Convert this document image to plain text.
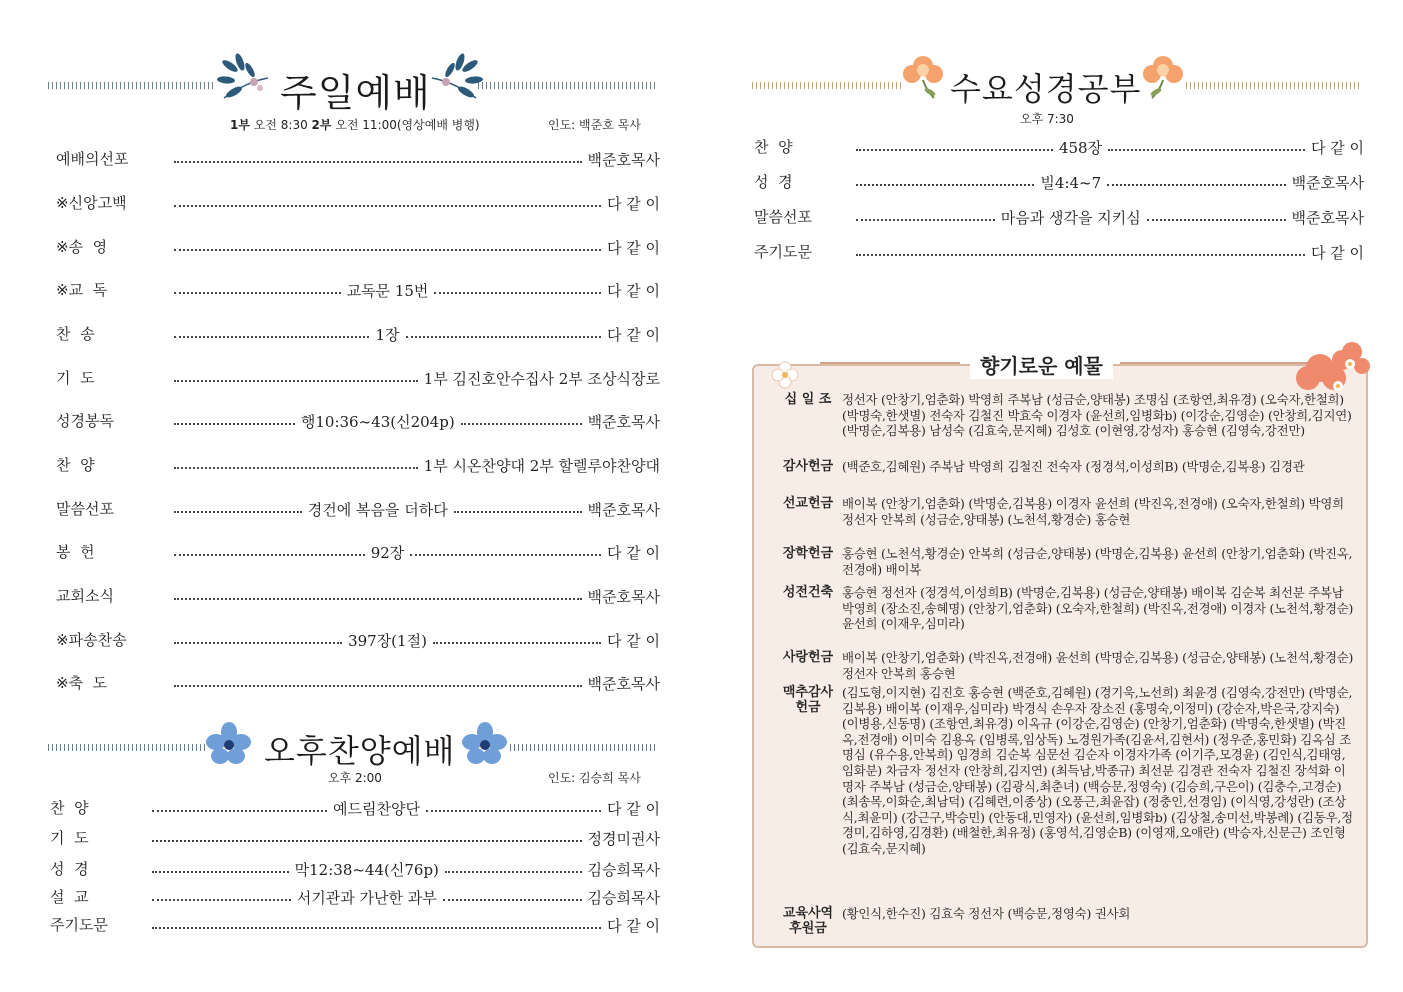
주일예배
1부 오전 8:30 2부 오전 11:00(영상예배 병행)	인도: 백준호 목사
예배의선포	백준호목사
※신앙고백	다 같 이
※송 영	다 같 이
※교 독	교독문 15번	다 같 이
찬 송	1장	다 같 이
기 도	1부 김진호안수집사 2부 조상식장로
성경봉독	행10:36~43(신204p)	백준호목사
찬 양	1부 시온찬양대 2부 할렐루야찬양대
말씀선포	경건에 복음을 더하다	백준호목사
봉 헌	92장	다 같 이
교회소식	백준호목사
※파송찬송	397장(1절)	다 같 이
※축 도	백준호목사
오후찬양예배
오후 2:00	인도: 김승희 목사
찬 양	예드림찬양단	다 같 이
기 도	정경미권사
성 경	막12:38~44(신76p)	김승희목사
설 교	서기관과 가난한 과부	김승희목사
주기도문	다 같 이
수요성경공부
오후 7:30
찬 양	458장	다 같 이
성 경	빌4:4~7	백준호목사
말씀선포	마음과 생각을 지키심	백준호목사
주기도문	다 같 이
향기로운 예물
십 일 조 정선자 (안창기,엄춘화) 박영희 주복남 (성금순,양태봉) 조명심 (조항연,최유경) (오숙자,한철희) (박명숙,한샛별) 전숙자 김철진 박효숙 이경자 (윤선희,임병화b) (이강순,김영순) (안창희,김지연) (박명순,김복용) 남성숙 (김효숙,문지혜) 김성호 (이현영,강성자) 홍승현 (김영숙,강전만)
감사헌금 (백준호,김혜원) 주복남 박영희 김철진 전숙자 (정경석,이성희B) (박명순,김복용) 김경관
선교헌금 배이복 (안창기,엄춘화) (박명순,김복용) 이경자 윤선희 (박진옥,전경애) (오숙자,한철희) 박영희 정선자 안복희 (성금순,양태봉) (노천석,황경순) 홍승현
장학헌금 홍승현 (노천석,황경순) 안복희 (성금순,양태봉) (박명순,김복용) 윤선희 (안창기,엄춘화) (박진옥,전경애) 배이복
성전건축 홍승현 정선자 (정경석,이성희B) (박명순,김복용) (성금순,양태봉) 배이복 김순복 최선분 주복남 박영희 (장소진,송혜명) (안창기,엄춘화) (오숙자,한철희) (박진옥,전경애) 이경자 (노천석,황경순) 윤선희 (이재우,심미라)
사랑헌금 배이복 (안창기,엄춘화) (박진옥,전경애) 윤선희 (박명순,김복용) (성금순,양태봉) (노천석,황경순) 정선자 안복희 홍승현
맥추감사
헌금
(김도형,이지현) 김진호 홍승현 (백준호,김혜원) (경기욱,노선희) 최윤경 (김영숙,강전만) (박명순,김복용) 배이복 (이재우,심미라) 박경식 손우자 장소진 (홍명숙,이정미) (강순자,박은국,강지숙) (이병용,신동명) (조항연,최유경) 이옥규 (이강순,김영순) (안창기,엄춘화) (박명숙,한샛별) (박진옥,전경애) 이미숙 김용옥 (임병록,임상독) 노경원가족(김윤서,김현서) (정우준,홍민화) 김옥심 조명심 (유수용,안복희) 임경희 김순복 심문선 김순자 이경자가족 (이기주,모경윤) (김인식,김태영,임화분) 차금자 정선자 (안창희,김지연) (최득남,박종규) 최선분 김경관 전숙자 김철진 장석화 이명자 주복남 (성금순,양태봉) (김광식,최춘녀) (백승문,정영숙) (김승희,구은이) (김충수,고경순) (최송목,이화순,최남덕) (김혜련,이종상) (오풍근,최윤잡) (정충인,선경임) (이식영,강성란) (조상식,최윤미) (강근구,박승민) (안동대,민영자) (윤선희,임병화b) (김상철,송미선,박봉례) (김동우,정경미,김하영,김경환) (배철한,최유정) (홍영석,김영순B) (이영재,오애란) (박승자,신문근) 조인형 (김효숙,문지혜)
교육사역
후원금
(황인식,한수진) 김효숙 정선자 (백승문,정영숙) 권사회
